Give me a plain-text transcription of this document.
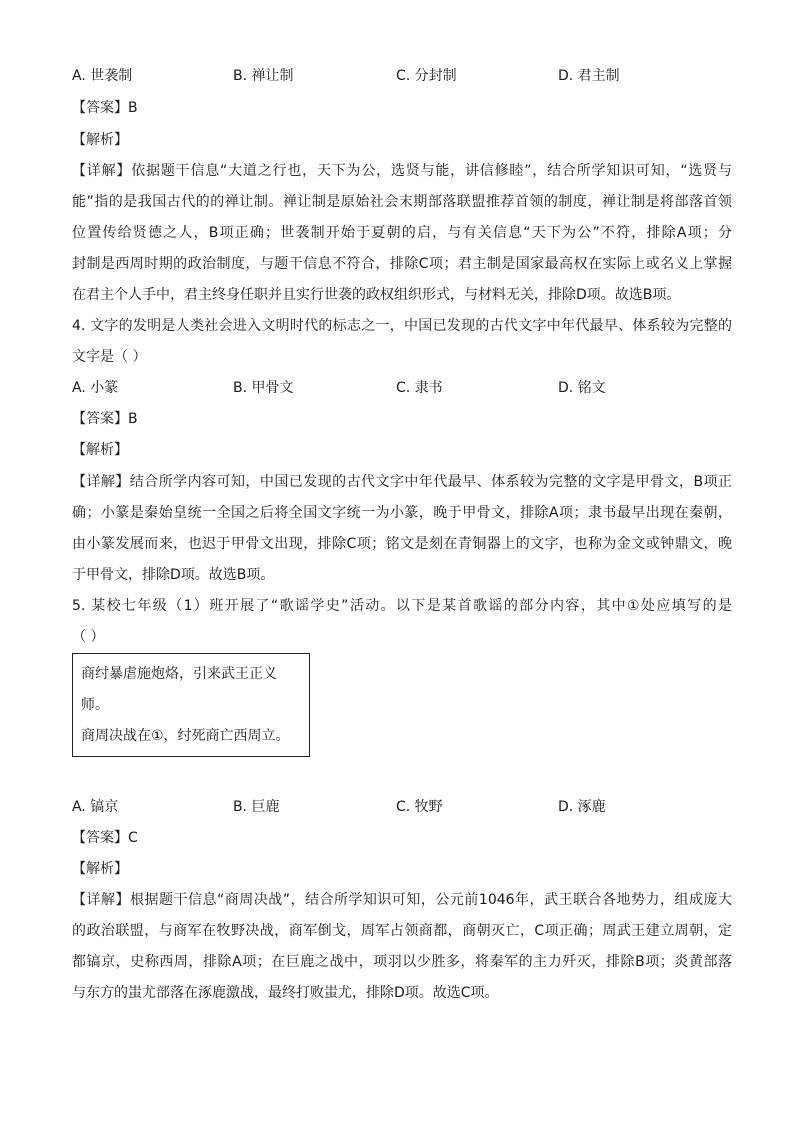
A. 世袭制	B. 禅让制	C. 分封制	D. 君主制
【答案】B
【解析】
【详解】依据题干信息“大道之行也，天下为公，选贤与能，讲信修睦”，结合所学知识可知，“选贤与
能”指的是我国古代的的禅让制。禅让制是原始社会末期部落联盟推荐首领的制度，禅让制是将部落首领
位置传给贤德之人，B项正确；世袭制开始于夏朝的启，与有关信息“天下为公”不符，排除A项；分
封制是西周时期的政治制度，与题干信息不符合，排除C项；君主制是国家最高权在实际上或名义上掌握
在君主个人手中，君主终身任职并且实行世袭的政权组织形式，与材料无关，排除D项。故选B项。
4. 文字的发明是人类社会进入文明时代的标志之一，中国已发现的古代文字中年代最早、体系较为完整的
文字是（ ）
A. 小篆	B. 甲骨文	C. 隶书	D. 铭文
【答案】B
【解析】
【详解】结合所学内容可知，中国已发现的古代文字中年代最早、体系较为完整的文字是甲骨文，B项正
确；小篆是秦始皇统一全国之后将全国文字统一为小篆，晚于甲骨文，排除A项；隶书最早出现在秦朝，
由小篆发展而来，也迟于甲骨文出现，排除C项；铭文是刻在青铜器上的文字，也称为金文或钟鼎文，晚
于甲骨文，排除D项。故选B项。
5. 某校七年级（1）班开展了“歌谣学史”活动。以下是某首歌谣的部分内容，其中①处应填写的是
（ ）
商纣暴虐施炮烙，引来武王正义
师。
商周决战在①，纣死商亡西周立。
A. 镐京	B. 巨鹿	C. 牧野	D. 涿鹿
【答案】C
【解析】
【详解】根据题干信息“商周决战”，结合所学知识可知，公元前1046年，武王联合各地势力，组成庞大
的政治联盟，与商军在牧野决战，商军倒戈，周军占领商都，商朝灭亡，C项正确；周武王建立周朝，定
都镐京，史称西周，排除A项；在巨鹿之战中，项羽以少胜多，将秦军的主力歼灭，排除B项；炎黄部落
与东方的蚩尤部落在涿鹿激战，最终打败蚩尤，排除D项。故选C项。
